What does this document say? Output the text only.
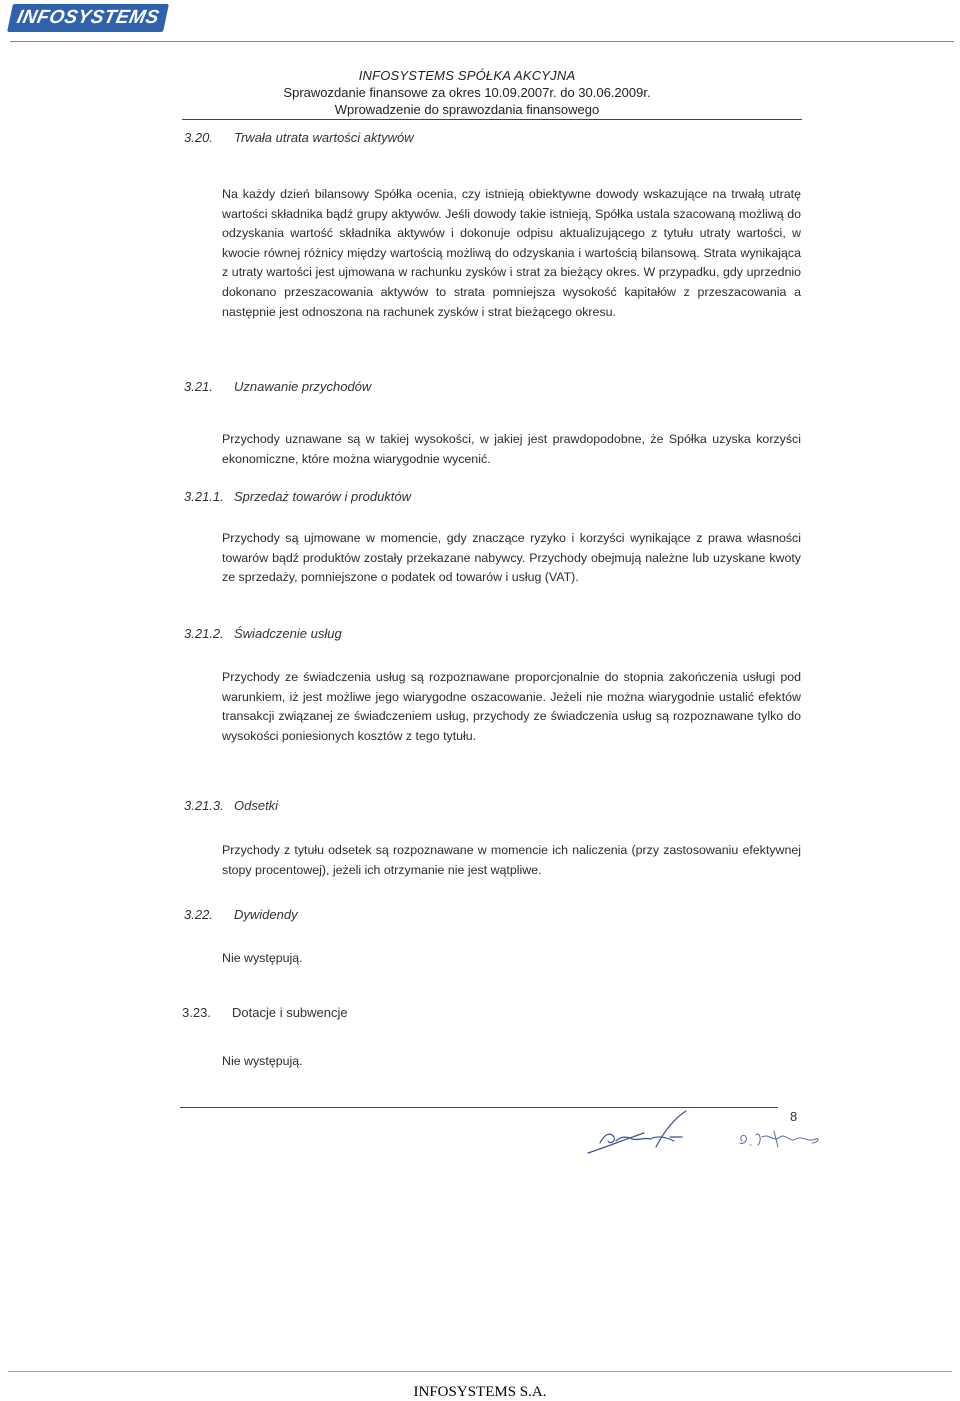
INFOSYSTEMS
INFOSYSTEMS SPÓŁKA AKCYJNA
Sprawozdanie finansowe za okres 10.09.2007r. do 30.06.2009r.
Wprowadzenie do sprawozdania finansowego
3.20. Trwała utrata wartości aktywów
Na każdy dzień bilansowy Spółka ocenia, czy istnieją obiektywne dowody wskazujące na trwałą utratę wartości składnika bądź grupy aktywów. Jeśli dowody takie istnieją, Spółka ustala szacowaną możliwą do odzyskania wartość składnika aktywów i dokonuje odpisu aktualizującego z tytułu utraty wartości, w kwocie równej różnicy między wartością możliwą do odzyskania i wartością bilansową. Strata wynikająca z utraty wartości jest ujmowana w rachunku zysków i strat za bieżący okres. W przypadku, gdy uprzednio dokonano przeszacowania aktywów to strata pomniejsza wysokość kapitałów z przeszacowania a następnie jest odnoszona na rachunek zysków i strat bieżącego okresu.
3.21. Uznawanie przychodów
Przychody uznawane są w takiej wysokości, w jakiej jest prawdopodobne, że Spółka uzyska korzyści ekonomiczne, które można wiarygodnie wycenić.
3.21.1. Sprzedaż towarów i produktów
Przychody są ujmowane w momencie, gdy znaczące ryzyko i korzyści wynikające z prawa własności towarów bądź produktów zostały przekazane nabywcy. Przychody obejmują należne lub uzyskane kwoty ze sprzedaży, pomniejszone o podatek od towarów i usług (VAT).
3.21.2. Świadczenie usług
Przychody ze świadczenia usług są rozpoznawane proporcjonalnie do stopnia zakończenia usługi pod warunkiem, iż jest możliwe jego wiarygodne oszacowanie. Jeżeli nie można wiarygodnie ustalić efektów transakcji związanej ze świadczeniem usług, przychody ze świadczenia usług są rozpoznawane tylko do wysokości poniesionych kosztów z tego tytułu.
3.21.3. Odsetki
Przychody z tytułu odsetek są rozpoznawane w momencie ich naliczenia (przy zastosowaniu efektywnej stopy procentowej), jeżeli ich otrzymanie nie jest wątpliwe.
3.22. Dywidendy
Nie występują.
3.23. Dotacje i subwencje
Nie występują.
8
INFOSYSTEMS S.A.
